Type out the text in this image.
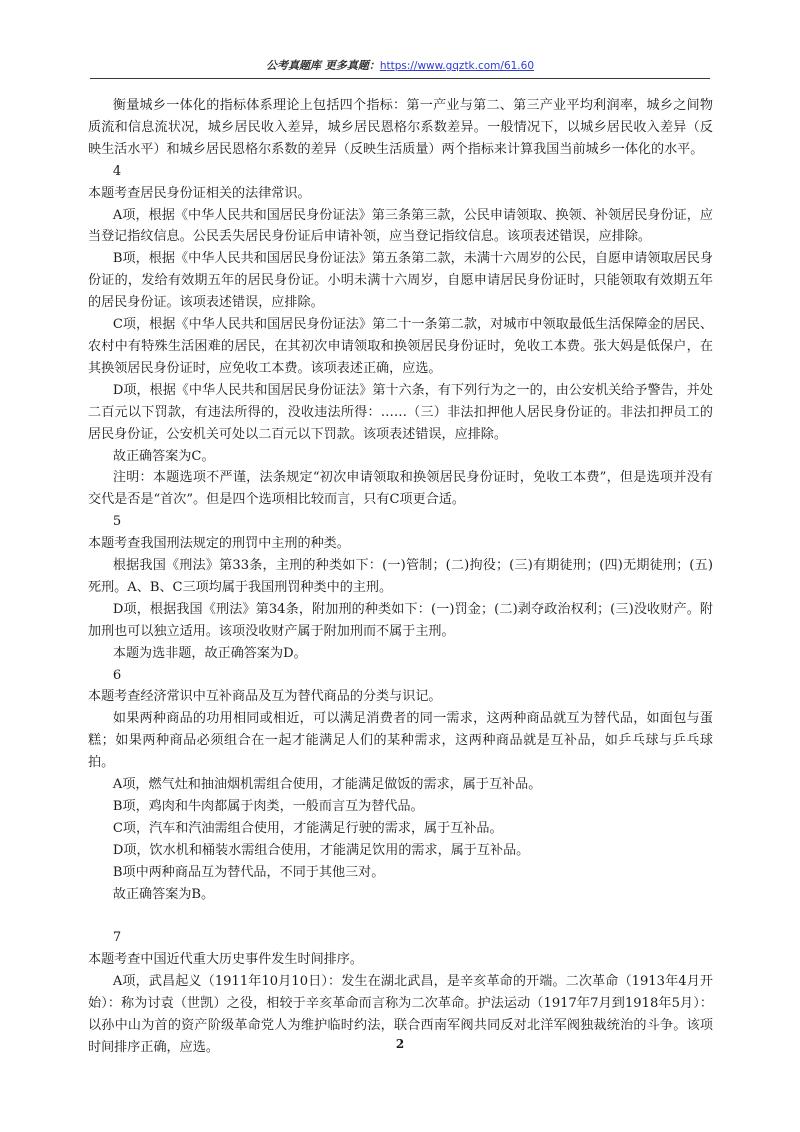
公考真题库 更多真题：https://www.gqztk.com/61.60

衡量城乡一体化的指标体系理论上包括四个指标：第一产业与第二、第三产业平均利润率，城乡之间物质流和信息流状况，城乡居民收入差异，城乡居民恩格尔系数差异。一般情况下，以城乡居民收入差异（反映生活水平）和城乡居民恩格尔系数的差异（反映生活质量）两个指标来计算我国当前城乡一体化的水平。

4

本题考查居民身份证相关的法律常识。

A项，根据《中华人民共和国居民身份证法》第三条第三款，公民申请领取、换领、补领居民身份证，应当登记指纹信息。公民丢失居民身份证后申请补领，应当登记指纹信息。该项表述错误，应排除。

B项，根据《中华人民共和国居民身份证法》第五条第二款，未满十六周岁的公民，自愿申请领取居民身份证的，发给有效期五年的居民身份证。小明未满十六周岁，自愿申请居民身份证时，只能领取有效期五年的居民身份证。该项表述错误，应排除。

C项，根据《中华人民共和国居民身份证法》第二十一条第二款，对城市中领取最低生活保障金的居民、农村中有特殊生活困难的居民，在其初次申请领取和换领居民身份证时，免收工本费。张大妈是低保户，在其换领居民身份证时，应免收工本费。该项表述正确，应选。

D项，根据《中华人民共和国居民身份证法》第十六条，有下列行为之一的，由公安机关给予警告，并处二百元以下罚款，有违法所得的，没收违法所得：……（三）非法扣押他人居民身份证的。非法扣押员工的居民身份证，公安机关可处以二百元以下罚款。该项表述错误，应排除。

故正确答案为C。

注明：本题选项不严谨，法条规定“初次申请领取和换领居民身份证时，免收工本费”，但是选项并没有交代是否是“首次”。但是四个选项相比较而言，只有C项更合适。

5

本题考查我国刑法规定的刑罚中主刑的种类。

根据我国《刑法》第33条，主刑的种类如下：(一)管制；(二)拘役；(三)有期徒刑；(四)无期徒刑；(五)死刑。A、B、C三项均属于我国刑罚种类中的主刑。

D项，根据我国《刑法》第34条，附加刑的种类如下：(一)罚金；(二)剥夺政治权利；(三)没收财产。附加刑也可以独立适用。该项没收财产属于附加刑而不属于主刑。

本题为选非题，故正确答案为D。

6

本题考查经济常识中互补商品及互为替代商品的分类与识记。

如果两种商品的功用相同或相近，可以满足消费者的同一需求，这两种商品就互为替代品，如面包与蛋糕；如果两种商品必须组合在一起才能满足人们的某种需求，这两种商品就是互补品，如乒乓球与乒乓球拍。

A项，燃气灶和抽油烟机需组合使用，才能满足做饭的需求，属于互补品。

B项，鸡肉和牛肉都属于肉类，一般而言互为替代品。

C项，汽车和汽油需组合使用，才能满足行驶的需求，属于互补品。

D项，饮水机和桶装水需组合使用，才能满足饮用的需求，属于互补品。

B项中两种商品互为替代品，不同于其他三对。

故正确答案为B。

7

本题考查中国近代重大历史事件发生时间排序。

A项，武昌起义（1911年10月10日）：发生在湖北武昌，是辛亥革命的开端。二次革命（1913年4月开始）：称为讨袁（世凯）之役，相较于辛亥革命而言称为二次革命。护法运动（1917年7月到1918年5月）：以孙中山为首的资产阶级革命党人为维护临时约法，联合西南军阀共同反对北洋军阀独裁统治的斗争。该项时间排序正确，应选。	2
